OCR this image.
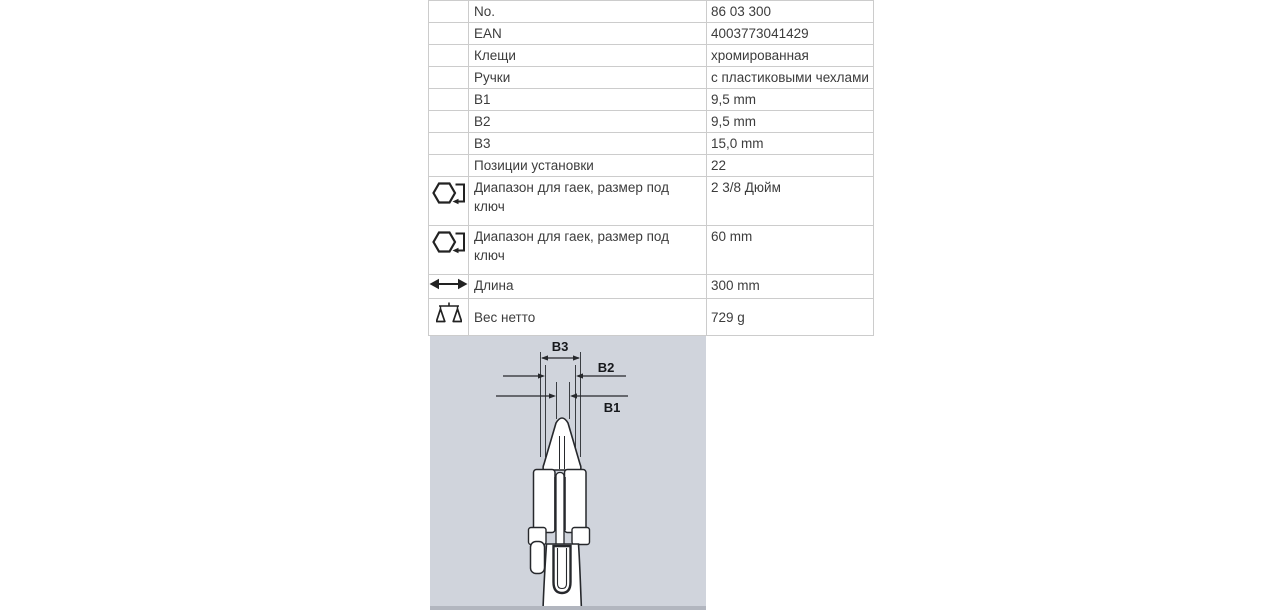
	No.	86 03 300
	EAN	4003773041429
	Клещи	хромированная
	Ручки	с пластиковыми чехлами
	B1	9,5 mm
	B2	9,5 mm
	B3	15,0 mm
	Позиции установки	22
	Диапазон для гаек, размер под ключ	2 3/8 Дюйм
	Диапазон для гаек, размер под ключ	60 mm
	Длина	300 mm
	Вес нетто	729 g
B3
B2
B1
